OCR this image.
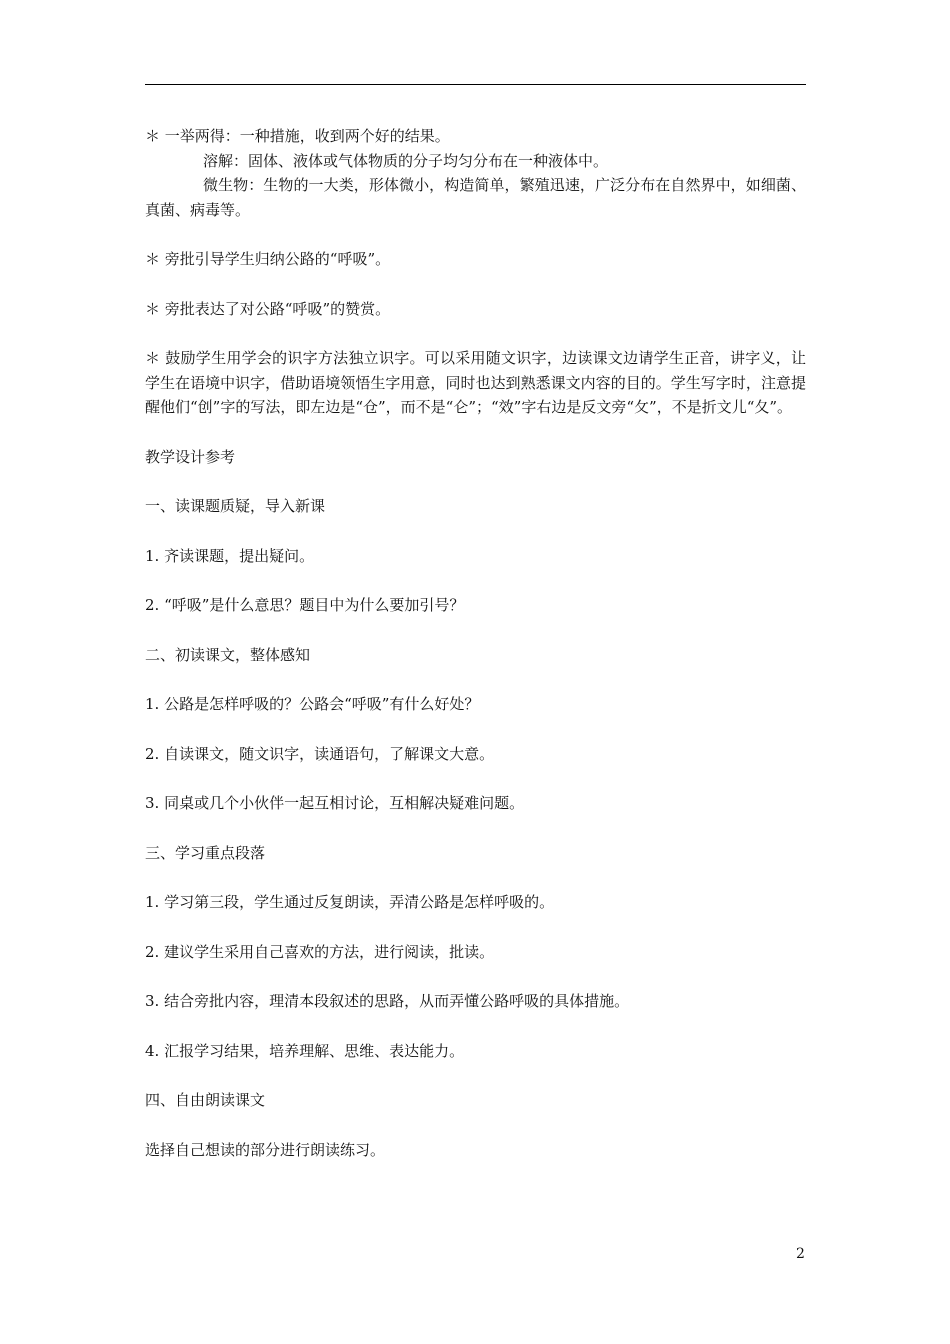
＊ 一举两得：一种措施，收到两个好的结果。

溶解：固体、液体或气体物质的分子均匀分布在一种液体中。

微生物：生物的一大类，形体微小，构造简单，繁殖迅速，广泛分布在自然界中，如细菌、真菌、病毒等。

＊ 旁批引导学生归纳公路的“呼吸”。

＊ 旁批表达了对公路“呼吸”的赞赏。

＊ 鼓励学生用学会的识字方法独立识字。可以采用随文识字，边读课文边请学生正音，讲字义，让学生在语境中识字，借助语境领悟生字用意，同时也达到熟悉课文内容的目的。学生写字时，注意提醒他们“创”字的写法，即左边是“仓”，而不是“仑”；“效”字右边是反文旁“攵”，不是折文儿“夂”。

教学设计参考

一、读课题质疑，导入新课

1. 齐读课题，提出疑问。

2. “呼吸”是什么意思？题目中为什么要加引号？

二、初读课文，整体感知

1. 公路是怎样呼吸的？公路会“呼吸”有什么好处？

2. 自读课文，随文识字，读通语句，了解课文大意。

3. 同桌或几个小伙伴一起互相讨论，互相解决疑难问题。

三、学习重点段落

1. 学习第三段，学生通过反复朗读，弄清公路是怎样呼吸的。

2. 建议学生采用自己喜欢的方法，进行阅读，批读。

3. 结合旁批内容，理清本段叙述的思路，从而弄懂公路呼吸的具体措施。

4. 汇报学习结果，培养理解、思维、表达能力。

四、自由朗读课文

选择自己想读的部分进行朗读练习。

2
